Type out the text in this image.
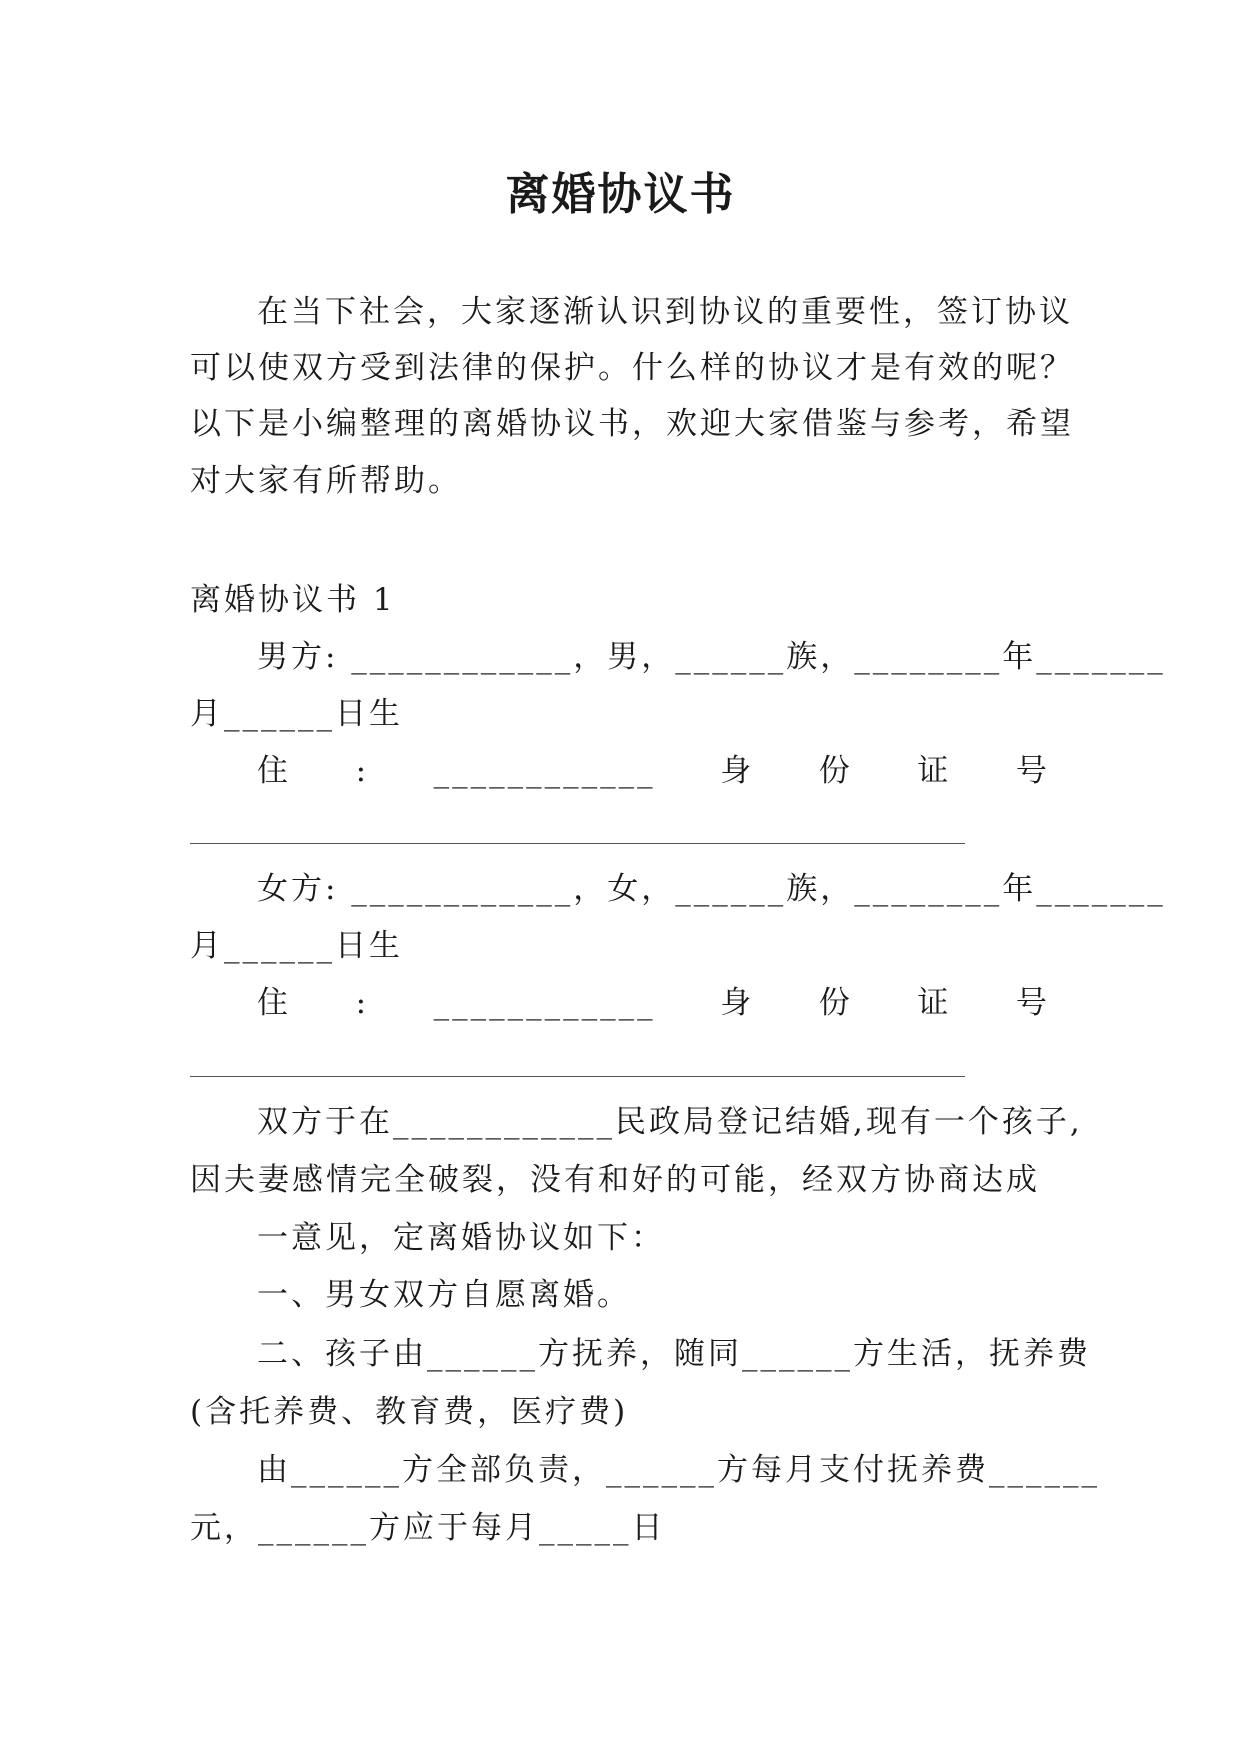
离婚协议书
在当下社会，大家逐渐认识到协议的重要性，签订协议
可以使双方受到法律的保护。什么样的协议才是有效的呢？
以下是小编整理的离婚协议书，欢迎大家借鉴与参考，希望
对大家有所帮助。
离婚协议书 1
男方: ____________，男，______族，________年_______
月______日生
住 : ____________ 身 份 证 号
女方: ____________，女，______族，________年_______
月______日生
住 : ____________ 身 份 证 号
双方于在____________民政局登记结婚,现有一个孩子,
因夫妻感情完全破裂，没有和好的可能，经双方协商达成
一意见，定离婚协议如下：
一、男女双方自愿离婚。
二、孩子由______方抚养，随同______方生活，抚养费
(含托养费、教育费，医疗费)
由______方全部负责，______方每月支付抚养费______
元，______方应于每月_____日
